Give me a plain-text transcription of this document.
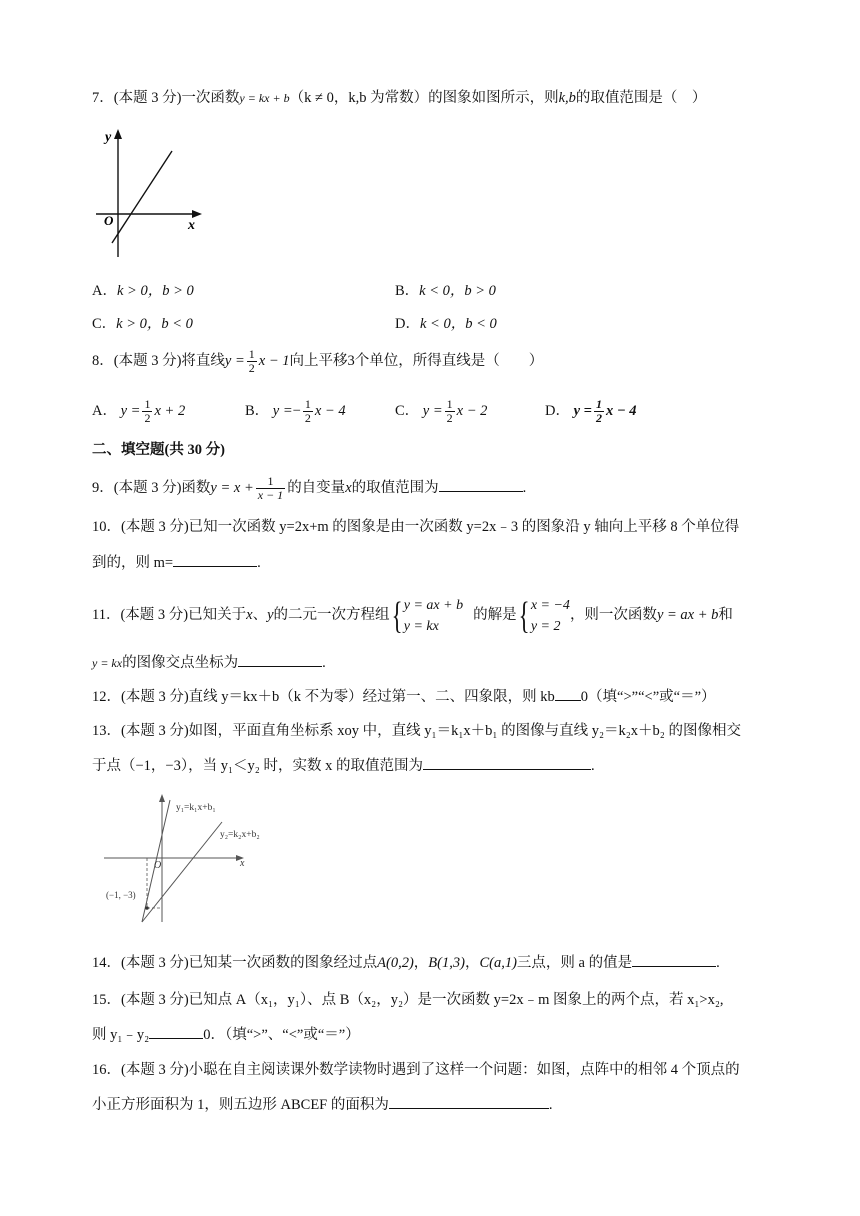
7．(本题 3 分)一次函数y = kx + b（k ≠ 0，k,b 为常数）的图象如图所示，则k,b的取值范围是（　）
y
x
O
A．k > 0，b > 0	B．k < 0，b > 0
C．k > 0，b < 0	D．k < 0，b < 0
8．(本题 3 分)将直线$y = \frac{1}{2}$ x − 1向上平移3个单位，所得直线是（　　）
A． $y = \frac{1}{2}$ x + 2	B． $y =- \frac{1}{2}$ x − 4	C． $y = \frac{1}{2}$ x − 2	D． $y = \frac{1}{2}$ x − 4
二、填空题(共 30 分)
9．(本题 3 分)函数$y = x + \frac{1}{x - 1}$ 的自变量x的取值范围为	.
10．(本题 3 分)已知一次函数 y=2x+m 的图象是由一次函数 y=2x﹣3 的图象沿 y 轴向上平移 8 个单位得
到的，则 m=	.
11．(本题 3 分)已知关于x、y的二元一次方程组{ y = ax + b
y = kx
的解是{ x = −4
y = 2
，则一次函数y = ax + b和
y = kx的图像交点坐标为	.
12．(本题 3 分)直线 y＝kx＋b（k 不为零）经过第一、二、四象限，则 kb 0（填“>”“<”或“＝”）
13．(本题 3 分)如图，平面直角坐标系 xoy 中，直线 y₁＝k₁x＋b₁ 的图像与直线 y₂＝k₂x＋b₂ 的图像相交
于点（−1，−3），当 y₁＜y₂ 时，实数 x 的取值范围为	.
y₁=k₁x+b₁
y₂=k₂x+b₂
x
O
(−1, −3)
14．(本题 3 分)已知某一次函数的图象经过点A(0,2)，B(1,3)，C(a,1)三点，则 a 的值是	.
15．(本题 3 分)已知点 A（x₁，y₁）、点 B（x₂，y₂）是一次函数 y=2x﹣m 图象上的两个点，若 x₁>x₂,
则 y₁﹣y₂	0．（填“>”、“<”或“＝”）
16．(本题 3 分)小聪在自主阅读课外数学读物时遇到了这样一个问题：如图，点阵中的相邻 4 个顶点的
小正方形面积为 1，则五边形 ABCEF 的面积为	.
